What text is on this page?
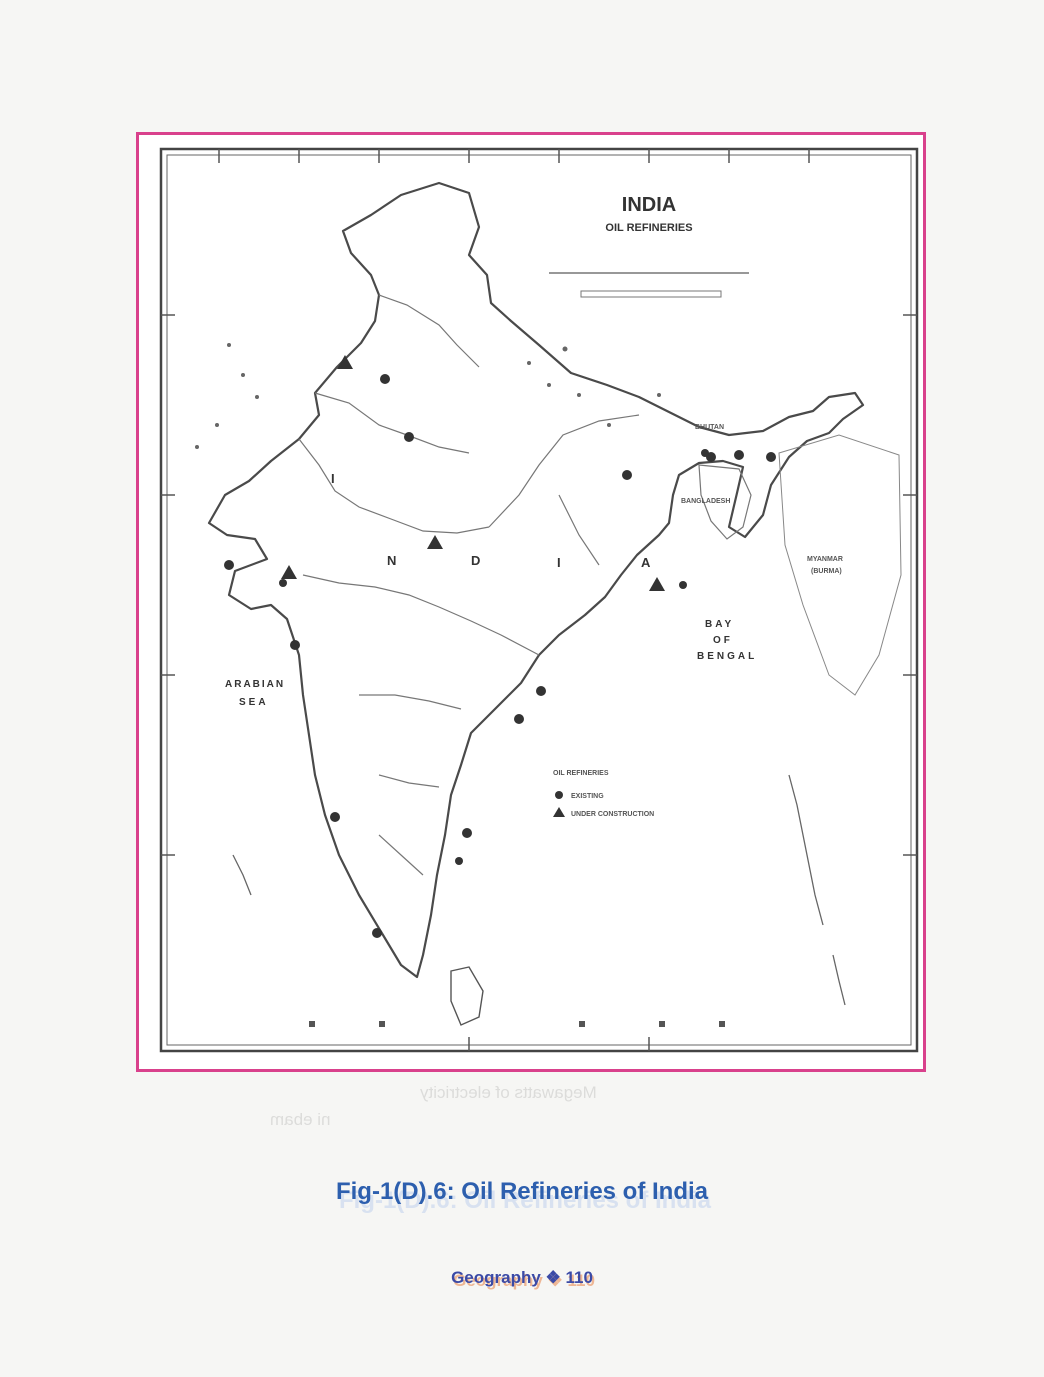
Megawatts of electricity
ni ebam
INDIA
OIL REFINERIES
I
N	D	I	A
ARABIAN
SEA
BAY
OF
BENGAL
BANGLADESH
BHUTAN
MYANMAR
(BURMA)
OIL REFINERIES
EXISTING
UNDER CONSTRUCTION
Fig-1(D).6: Oil Refineries of India
Geography ❖ 110
